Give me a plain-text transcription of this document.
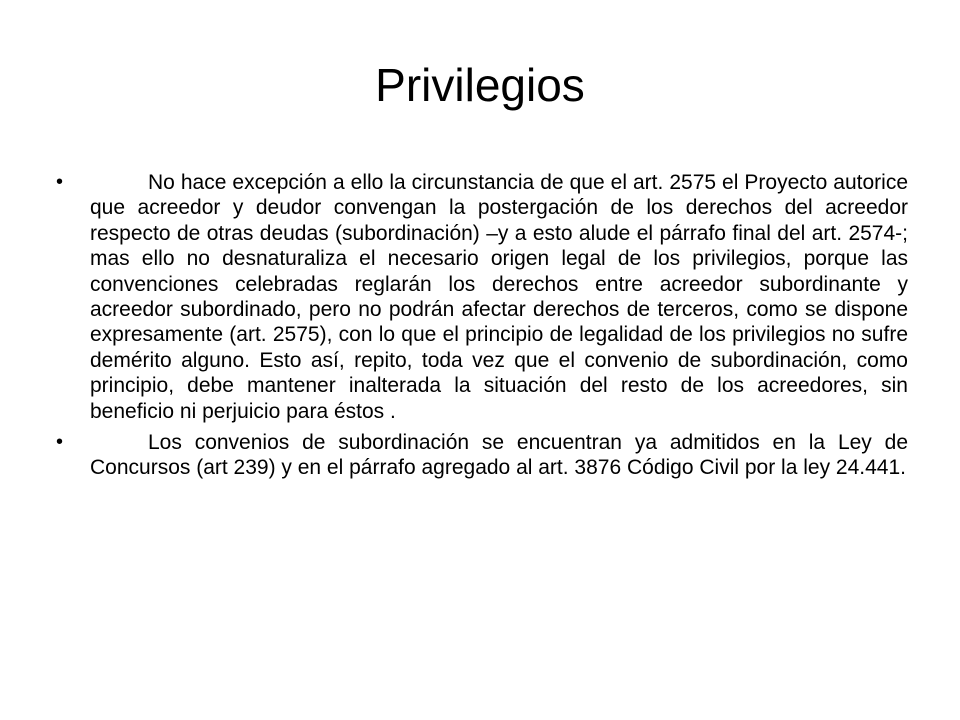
Privilegios
•	No hace excepción a ello la circunstancia de que el art. 2575 el Proyecto autorice que acreedor y deudor convengan la postergación de los derechos del acreedor respecto de otras deudas (subordinación) –y a esto alude el párrafo final del art. 2574-; mas ello no desnaturaliza el necesario origen legal de los privilegios, porque las convenciones celebradas reglarán los derechos entre acreedor subordinante y acreedor subordinado, pero no podrán afectar derechos de terceros, como se dispone expresamente (art. 2575), con lo que el principio de legalidad de los privilegios no sufre demérito alguno. Esto así, repito, toda vez que el convenio de subordinación, como principio, debe mantener inalterada la situación del resto de los acreedores, sin beneficio ni perjuicio para éstos .
•	Los convenios de subordinación se encuentran ya admitidos en la Ley de Concursos (art 239) y en el párrafo agregado al art. 3876 Código Civil por la ley 24.441.
